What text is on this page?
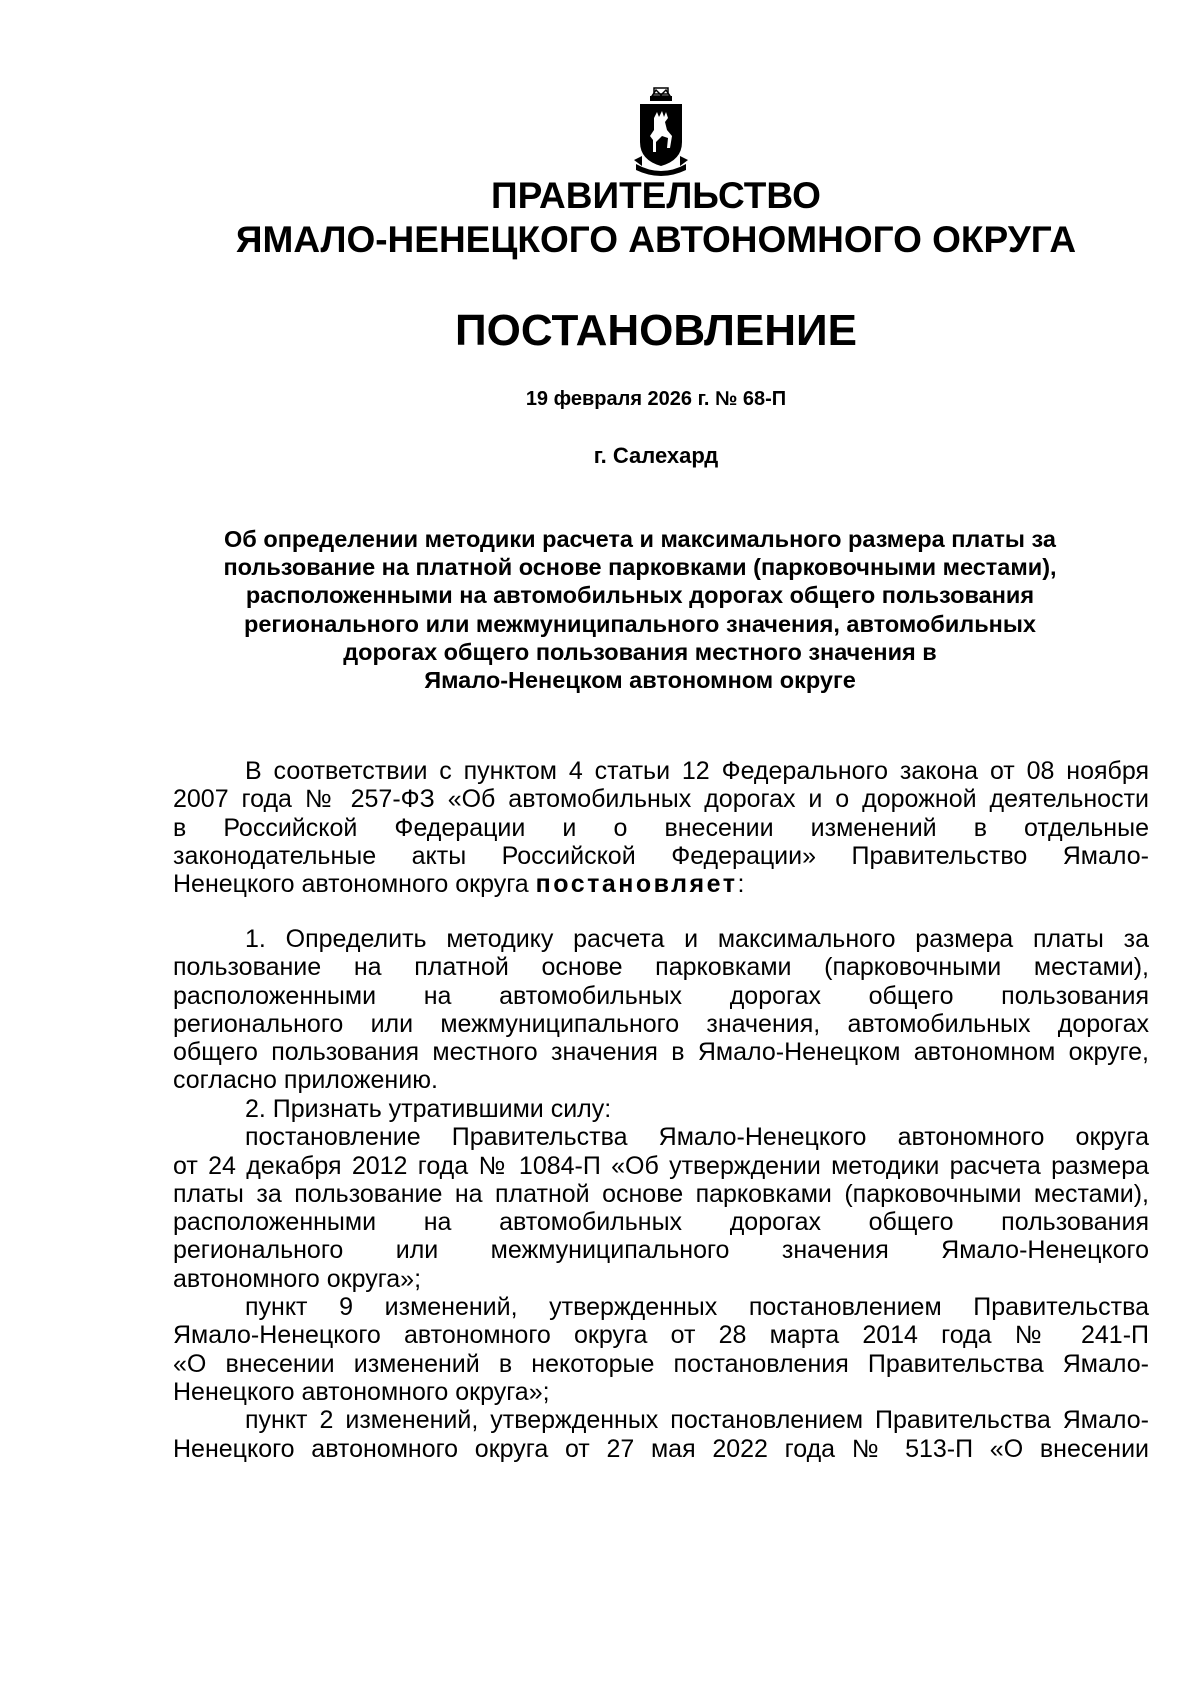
ПРАВИТЕЛЬСТВО
ЯМАЛО-НЕНЕЦКОГО АВТОНОМНОГО ОКРУГА
ПОСТАНОВЛЕНИЕ
19 февраля 2026 г. № 68-П
г. Салехард
Об определении методики расчета и максимального размера платы за
пользование на платной основе парковками (парковочными местами),
расположенными на автомобильных дорогах общего пользования
регионального или межмуниципального значения, автомобильных
дорогах общего пользования местного значения в
Ямало-Ненецком автономном округе
В соответствии с пунктом 4 статьи 12 Федерального закона от 08 ноября
2007 года № 257-ФЗ «Об автомобильных дорогах и о дорожной деятельности
в Российской Федерации и о внесении изменений в отдельные
законодательные акты Российской Федерации» Правительство Ямало-
Ненецкого автономного округа постановляет:
1. Определить методику расчета и максимального размера платы за
пользование на платной основе парковками (парковочными местами),
расположенными на автомобильных дорогах общего пользования
регионального или межмуниципального значения, автомобильных дорогах
общего пользования местного значения в Ямало-Ненецком автономном округе,
согласно приложению.
2. Признать утратившими силу:
постановление Правительства Ямало-Ненецкого автономного округа
от 24 декабря 2012 года № 1084-П «Об утверждении методики расчета размера
платы за пользование на платной основе парковками (парковочными местами),
расположенными на автомобильных дорогах общего пользования
регионального или межмуниципального значения Ямало-Ненецкого
автономного округа»;
пункт 9 изменений, утвержденных постановлением Правительства
Ямало-Ненецкого автономного округа от 28 марта 2014 года № 241-П
«О внесении изменений в некоторые постановления Правительства Ямало-
Ненецкого автономного округа»;
пункт 2 изменений, утвержденных постановлением Правительства Ямало-
Ненецкого автономного округа от 27 мая 2022 года № 513-П «О внесении
